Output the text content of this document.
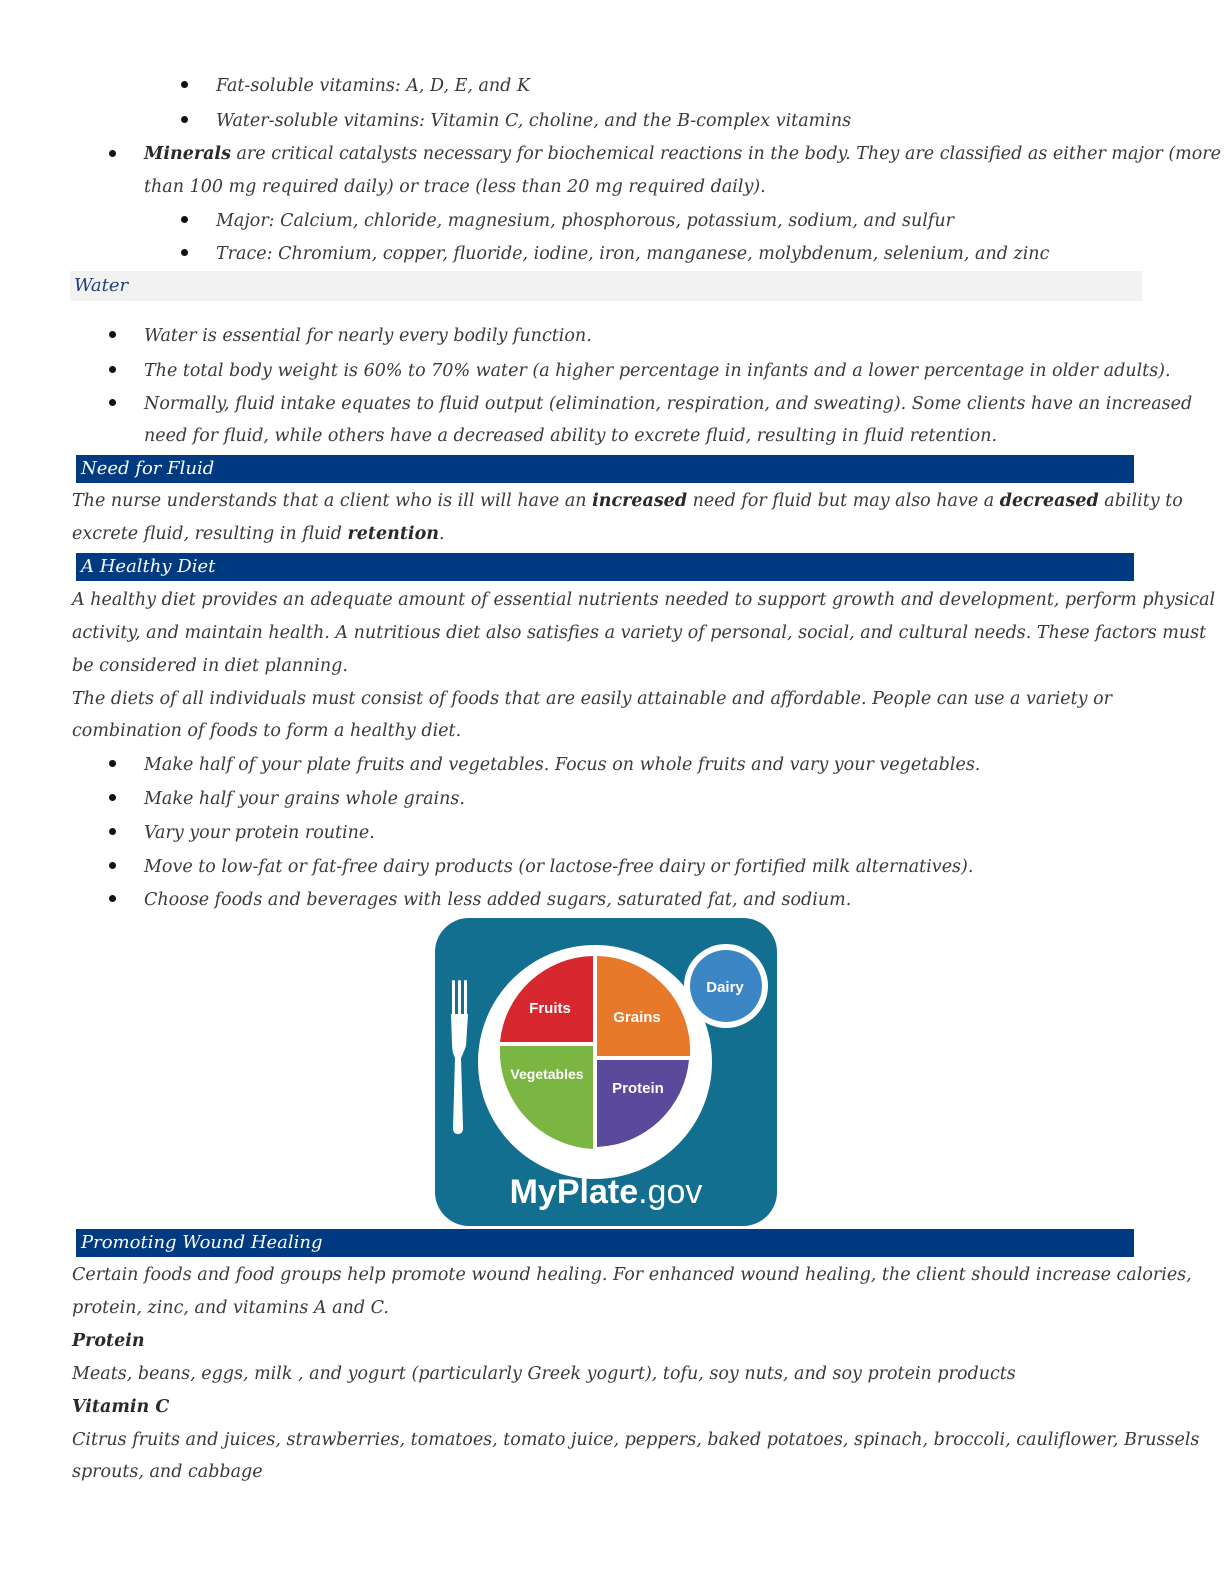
Fat-soluble vitamins: A, D, E, and K
Water-soluble vitamins: Vitamin C, choline, and the B-complex vitamins
Minerals are critical catalysts necessary for biochemical reactions in the body. They are classified as either major (more
than 100 mg required daily) or trace (less than 20 mg required daily).
Major: Calcium, chloride, magnesium, phosphorous, potassium, sodium, and sulfur
Trace: Chromium, copper, fluoride, iodine, iron, manganese, molybdenum, selenium, and zinc
Water
Water is essential for nearly every bodily function.
The total body weight is 60% to 70% water (a higher percentage in infants and a lower percentage in older adults).
Normally, fluid intake equates to fluid output (elimination, respiration, and sweating). Some clients have an increased
need for fluid, while others have a decreased ability to excrete fluid, resulting in fluid retention.
Need for Fluid
The nurse understands that a client who is ill will have an increased need for fluid but may also have a decreased ability to
excrete fluid, resulting in fluid retention.
A Healthy Diet
A healthy diet provides an adequate amount of essential nutrients needed to support growth and development, perform physical
activity, and maintain health. A nutritious diet also satisfies a variety of personal, social, and cultural needs. These factors must
be considered in diet planning.
The diets of all individuals must consist of foods that are easily attainable and affordable. People can use a variety or
combination of foods to form a healthy diet.
Make half of your plate fruits and vegetables. Focus on whole fruits and vary your vegetables.
Make half your grains whole grains.
Vary your protein routine.
Move to low-fat or fat-free dairy products (or lactose-free dairy or fortified milk alternatives).
Choose foods and beverages with less added sugars, saturated fat, and sodium.
Fruits
Grains
Vegetables
Protein
Dairy
MyPlate.gov
Promoting Wound Healing
Certain foods and food groups help promote wound healing. For enhanced wound healing, the client should increase calories,
protein, zinc, and vitamins A and C.
Protein
Meats, beans, eggs, milk , and yogurt (particularly Greek yogurt), tofu, soy nuts, and soy protein products
Vitamin C
Citrus fruits and juices, strawberries, tomatoes, tomato juice, peppers, baked potatoes, spinach, broccoli, cauliflower, Brussels
sprouts, and cabbage
